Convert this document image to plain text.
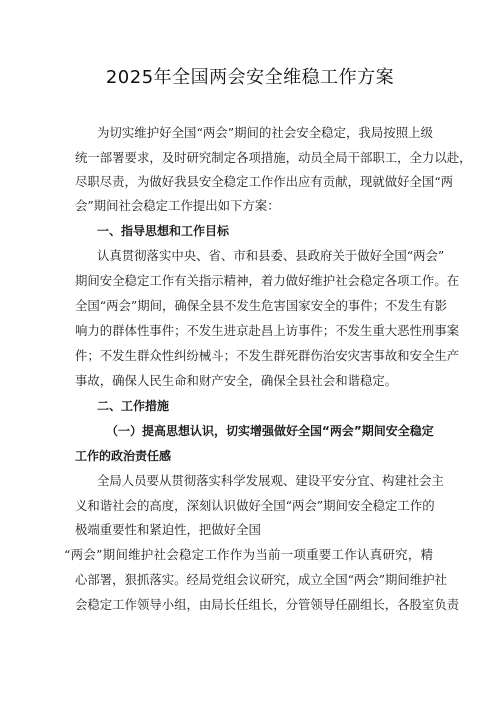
2025年全国两会安全维稳工作方案
为切实维护好全国“两会”期间的社会安全稳定，我局按照上级
统一部署要求，及时研究制定各项措施，动员全局干部职工，全力以赴，
尽职尽责，为做好我县安全稳定工作作出应有贡献，现就做好全国“两
会”期间社会稳定工作提出如下方案：
一、指导思想和工作目标
认真贯彻落实中央、省、市和县委、县政府关于做好全国“两会”
期间安全稳定工作有关指示精神，着力做好维护社会稳定各项工作。在
全国“两会”期间，确保全县不发生危害国家安全的事件；不发生有影
响力的群体性事件；不发生进京赴昌上访事件；不发生重大恶性刑事案
件；不发生群众性纠纷械斗；不发生群死群伤治安灾害事故和安全生产
事故，确保人民生命和财产安全，确保全县社会和谐稳定。
二、工作措施
（一）提高思想认识，切实增强做好全国“两会”期间安全稳定
工作的政治责任感
全局人员要从贯彻落实科学发展观、建设平安分宜、构建社会主
义和谐社会的高度，深刻认识做好全国“两会”期间安全稳定工作的
极端重要性和紧迫性，把做好全国
“两会”期间维护社会稳定工作作为当前一项重要工作认真研究，精
心部署，狠抓落实。经局党组会议研究，成立全国“两会”期间维护社
会稳定工作领导小组，由局长任组长，分管领导任副组长，各股室负责
